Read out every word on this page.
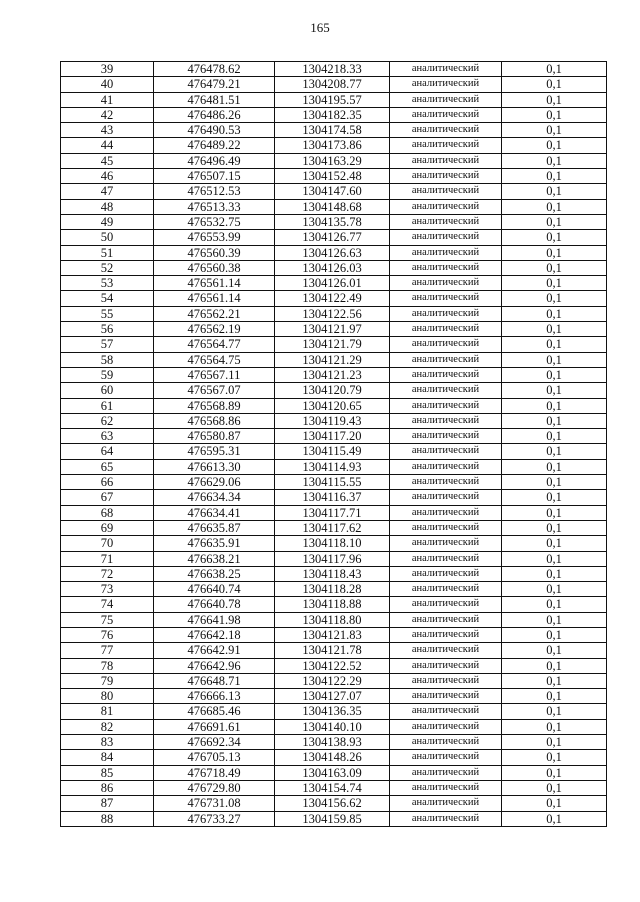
165
39	476478.62	1304218.33	аналитический	0,1
40	476479.21	1304208.77	аналитический	0,1
41	476481.51	1304195.57	аналитический	0,1
42	476486.26	1304182.35	аналитический	0,1
43	476490.53	1304174.58	аналитический	0,1
44	476489.22	1304173.86	аналитический	0,1
45	476496.49	1304163.29	аналитический	0,1
46	476507.15	1304152.48	аналитический	0,1
47	476512.53	1304147.60	аналитический	0,1
48	476513.33	1304148.68	аналитический	0,1
49	476532.75	1304135.78	аналитический	0,1
50	476553.99	1304126.77	аналитический	0,1
51	476560.39	1304126.63	аналитический	0,1
52	476560.38	1304126.03	аналитический	0,1
53	476561.14	1304126.01	аналитический	0,1
54	476561.14	1304122.49	аналитический	0,1
55	476562.21	1304122.56	аналитический	0,1
56	476562.19	1304121.97	аналитический	0,1
57	476564.77	1304121.79	аналитический	0,1
58	476564.75	1304121.29	аналитический	0,1
59	476567.11	1304121.23	аналитический	0,1
60	476567.07	1304120.79	аналитический	0,1
61	476568.89	1304120.65	аналитический	0,1
62	476568.86	1304119.43	аналитический	0,1
63	476580.87	1304117.20	аналитический	0,1
64	476595.31	1304115.49	аналитический	0,1
65	476613.30	1304114.93	аналитический	0,1
66	476629.06	1304115.55	аналитический	0,1
67	476634.34	1304116.37	аналитический	0,1
68	476634.41	1304117.71	аналитический	0,1
69	476635.87	1304117.62	аналитический	0,1
70	476635.91	1304118.10	аналитический	0,1
71	476638.21	1304117.96	аналитический	0,1
72	476638.25	1304118.43	аналитический	0,1
73	476640.74	1304118.28	аналитический	0,1
74	476640.78	1304118.88	аналитический	0,1
75	476641.98	1304118.80	аналитический	0,1
76	476642.18	1304121.83	аналитический	0,1
77	476642.91	1304121.78	аналитический	0,1
78	476642.96	1304122.52	аналитический	0,1
79	476648.71	1304122.29	аналитический	0,1
80	476666.13	1304127.07	аналитический	0,1
81	476685.46	1304136.35	аналитический	0,1
82	476691.61	1304140.10	аналитический	0,1
83	476692.34	1304138.93	аналитический	0,1
84	476705.13	1304148.26	аналитический	0,1
85	476718.49	1304163.09	аналитический	0,1
86	476729.80	1304154.74	аналитический	0,1
87	476731.08	1304156.62	аналитический	0,1
88	476733.27	1304159.85	аналитический	0,1
